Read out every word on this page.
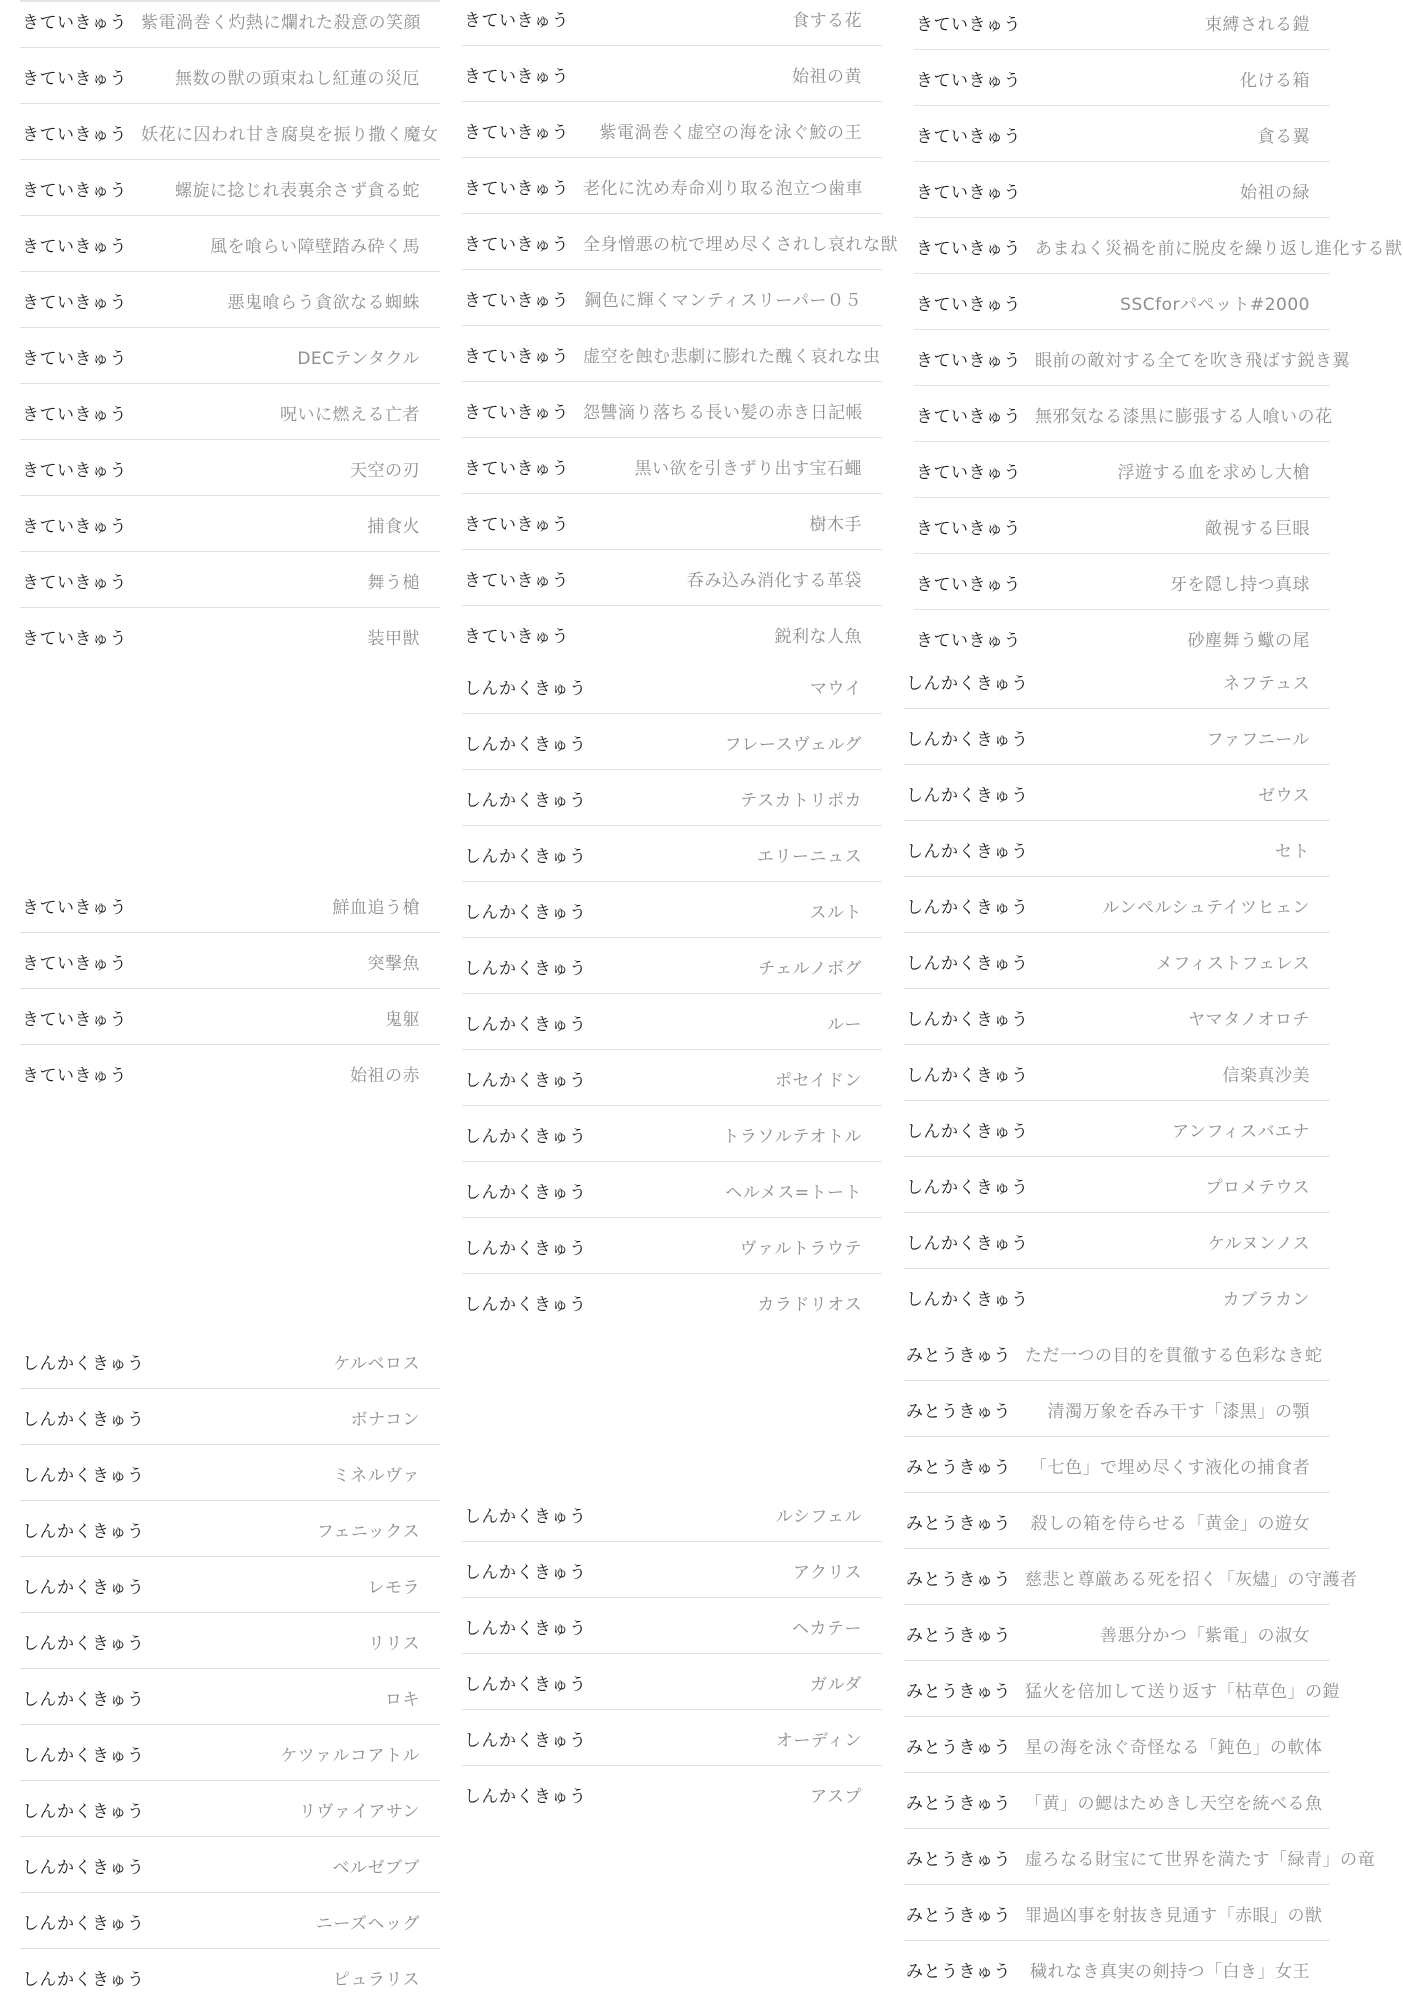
きていきゅう 紫電渦巻く灼熱に爛れた殺意の笑顔
きていきゅう	無数の獣の頭束ねし紅蓮の災厄
きていきゅう 妖花に囚われ甘き腐臭を振り撒く魔女
きていきゅう	螺旋に捻じれ表裏余さず貪る蛇
きていきゅう	風を喰らい障壁踏み砕く馬
きていきゅう	悪鬼喰らう貪欲なる蜘蛛
きていきゅう	DECテンタクル
きていきゅう	呪いに燃える亡者
きていきゅう	天空の刃
きていきゅう	捕食火
きていきゅう	舞う槌
きていきゅう	装甲獣
きていきゅう	鮮血追う槍
きていきゅう	突撃魚
きていきゅう	鬼躯
きていきゅう	始祖の赤
しんかくきゅう	ケルベロス
しんかくきゅう	ボナコン
しんかくきゅう	ミネルヴァ
しんかくきゅう	フェニックス
しんかくきゅう	レモラ
しんかくきゅう	リリス
しんかくきゅう	ロキ
しんかくきゅう	ケツァルコアトル
しんかくきゅう	リヴァイアサン
しんかくきゅう	ベルゼブブ
しんかくきゅう	ニーズヘッグ
しんかくきゅう	ピュラリス
きていきゅう	食する花
きていきゅう	始祖の黄
きていきゅう	紫電渦巻く虚空の海を泳ぐ鮫の王
きていきゅう 老化に沈め寿命刈り取る泡立つ歯車
きていきゅう 全身憎悪の杭で埋め尽くされし哀れな獣
きていきゅう 鋼色に輝くマンティスリーパー０５
きていきゅう 虚空を蝕む悲劇に膨れた醜く哀れな虫
きていきゅう 怨讐滴り落ちる長い髪の赤き日記帳
きていきゅう	黒い欲を引きずり出す宝石蠅
きていきゅう	樹木手
きていきゅう	呑み込み消化する革袋
きていきゅう	鋭利な人魚
しんかくきゅう	マウイ
しんかくきゅう	フレースヴェルグ
しんかくきゅう	テスカトリポカ
しんかくきゅう	エリーニュス
しんかくきゅう	スルト
しんかくきゅう	チェルノボグ
しんかくきゅう	ルー
しんかくきゅう	ポセイドン
しんかくきゅう	トラソルテオトル
しんかくきゅう	ヘルメス=トート
しんかくきゅう	ヴァルトラウテ
しんかくきゅう	カラドリオス
しんかくきゅう	ルシフェル
しんかくきゅう	アクリス
しんかくきゅう	ヘカテー
しんかくきゅう	ガルダ
しんかくきゅう	オーディン
しんかくきゅう	アスプ
きていきゅう	束縛される鎧
きていきゅう	化ける箱
きていきゅう	貪る翼
きていきゅう	始祖の緑
きていきゅう あまねく災禍を前に脱皮を繰り返し進化する獣
きていきゅう	SSCforパペット#2000
きていきゅう 眼前の敵対する全てを吹き飛ばす鋭き翼
きていきゅう 無邪気なる漆黒に膨張する人喰いの花
きていきゅう	浮遊する血を求めし大槍
きていきゅう	敵視する巨眼
きていきゅう	牙を隠し持つ真球
きていきゅう	砂塵舞う蠍の尾
しんかくきゅう	ネフテュス
しんかくきゅう	ファフニール
しんかくきゅう	ゼウス
しんかくきゅう	セト
しんかくきゅう	ルンペルシュテイツヒェン
しんかくきゅう	メフィストフェレス
しんかくきゅう	ヤマタノオロチ
しんかくきゅう	信楽真沙美
しんかくきゅう	アンフィスバエナ
しんかくきゅう	プロメテウス
しんかくきゅう	ケルヌンノス
しんかくきゅう	カブラカン
みとうきゅう ただ一つの目的を貫徹する色彩なき蛇
みとうきゅう	清濁万象を呑み干す「漆黒」の顎
みとうきゅう 「七色」で埋め尽くす液化の捕食者
みとうきゅう	殺しの箱を侍らせる「黄金」の遊女
みとうきゅう 慈悲と尊厳ある死を招く「灰燼」の守護者
みとうきゅう	善悪分かつ「紫電」の淑女
みとうきゅう 猛火を倍加して送り返す「枯草色」の鎧
みとうきゅう 星の海を泳ぐ奇怪なる「鈍色」の軟体
みとうきゅう 「黄」の鰓はためきし天空を統べる魚
みとうきゅう 虚ろなる財宝にて世界を満たす「緑青」の竜
みとうきゅう 罪過凶事を射抜き見通す「赤眼」の獣
みとうきゅう 穢れなき真実の剣持つ「白き」女王
